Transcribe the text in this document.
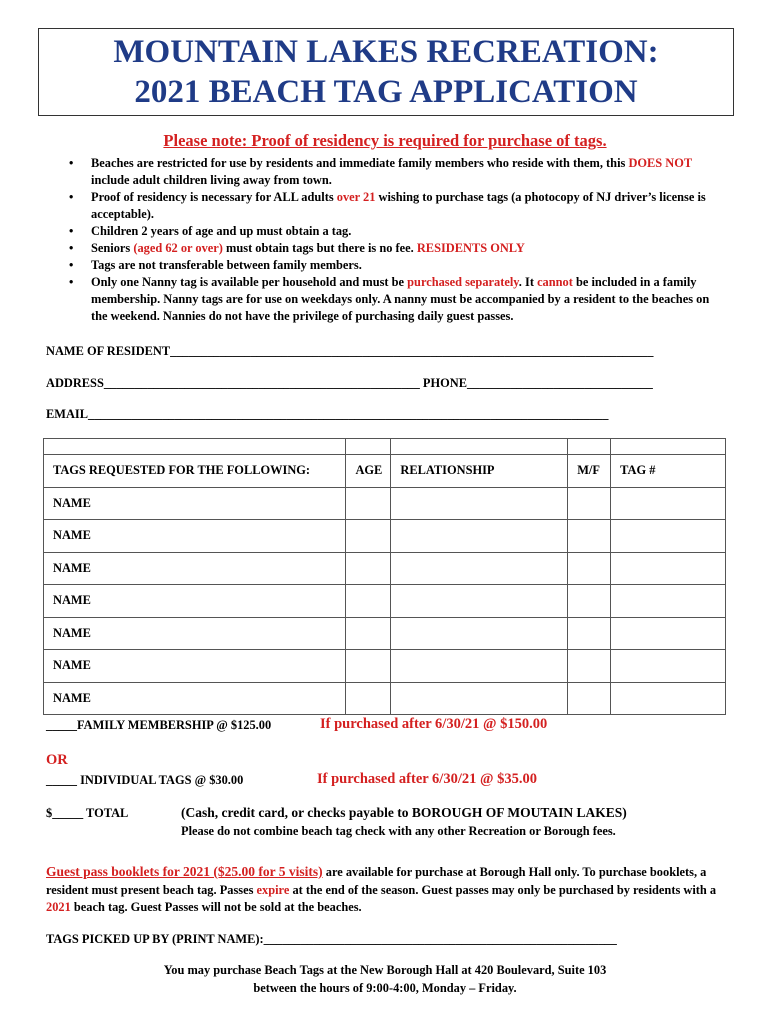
MOUNTAIN LAKES RECREATION:
2021 BEACH TAG APPLICATION
Please note: Proof of residency is required for purchase of tags.
• Beaches are restricted for use by residents and immediate family members who reside with them, this DOES NOT include adult children living away from town.
• Proof of residency is necessary for ALL adults over 21 wishing to purchase tags (a photocopy of NJ driver’s license is acceptable).
• Children 2 years of age and up must obtain a tag.
• Seniors (aged 62 or over) must obtain tags but there is no fee. RESIDENTS ONLY
• Tags are not transferable between family members.
• Only one Nanny tag is available per household and must be purchased separately. It cannot be included in a family membership. Nanny tags are for use on weekdays only. A nanny must be accompanied by a resident to the beaches on the weekend. Nannies do not have the privilege of purchasing daily guest passes.
NAME OF RESIDENT______________________________________________________________________________
ADDRESS___________________________________________________ PHONE______________________________
EMAIL____________________________________________________________________________________

TAGS REQUESTED FOR THE FOLLOWING:	AGE	RELATIONSHIP	M/F	TAG #
NAME				
NAME				
NAME				
NAME				
NAME				
NAME				
NAME				
_____FAMILY MEMBERSHIP @ $125.00	If purchased after 6/30/21 @ $150.00
OR
_____ INDIVIDUAL TAGS @ $30.00	If purchased after 6/30/21 @ $35.00
$_____ TOTAL	(Cash, credit card, or checks payable to BOROUGH OF MOUTAIN LAKES)
Please do not combine beach tag check with any other Recreation or Borough fees.
Guest pass booklets for 2021 ($25.00 for 5 visits) are available for purchase at Borough Hall only. To purchase booklets, a resident must present beach tag. Passes expire at the end of the season. Guest passes may only be purchased by residents with a 2021 beach tag. Guest Passes will not be sold at the beaches.
TAGS PICKED UP BY (PRINT NAME):_________________________________________________________
You may purchase Beach Tags at the New Borough Hall at 420 Boulevard, Suite 103
between the hours of 9:00-4:00, Monday – Friday.
